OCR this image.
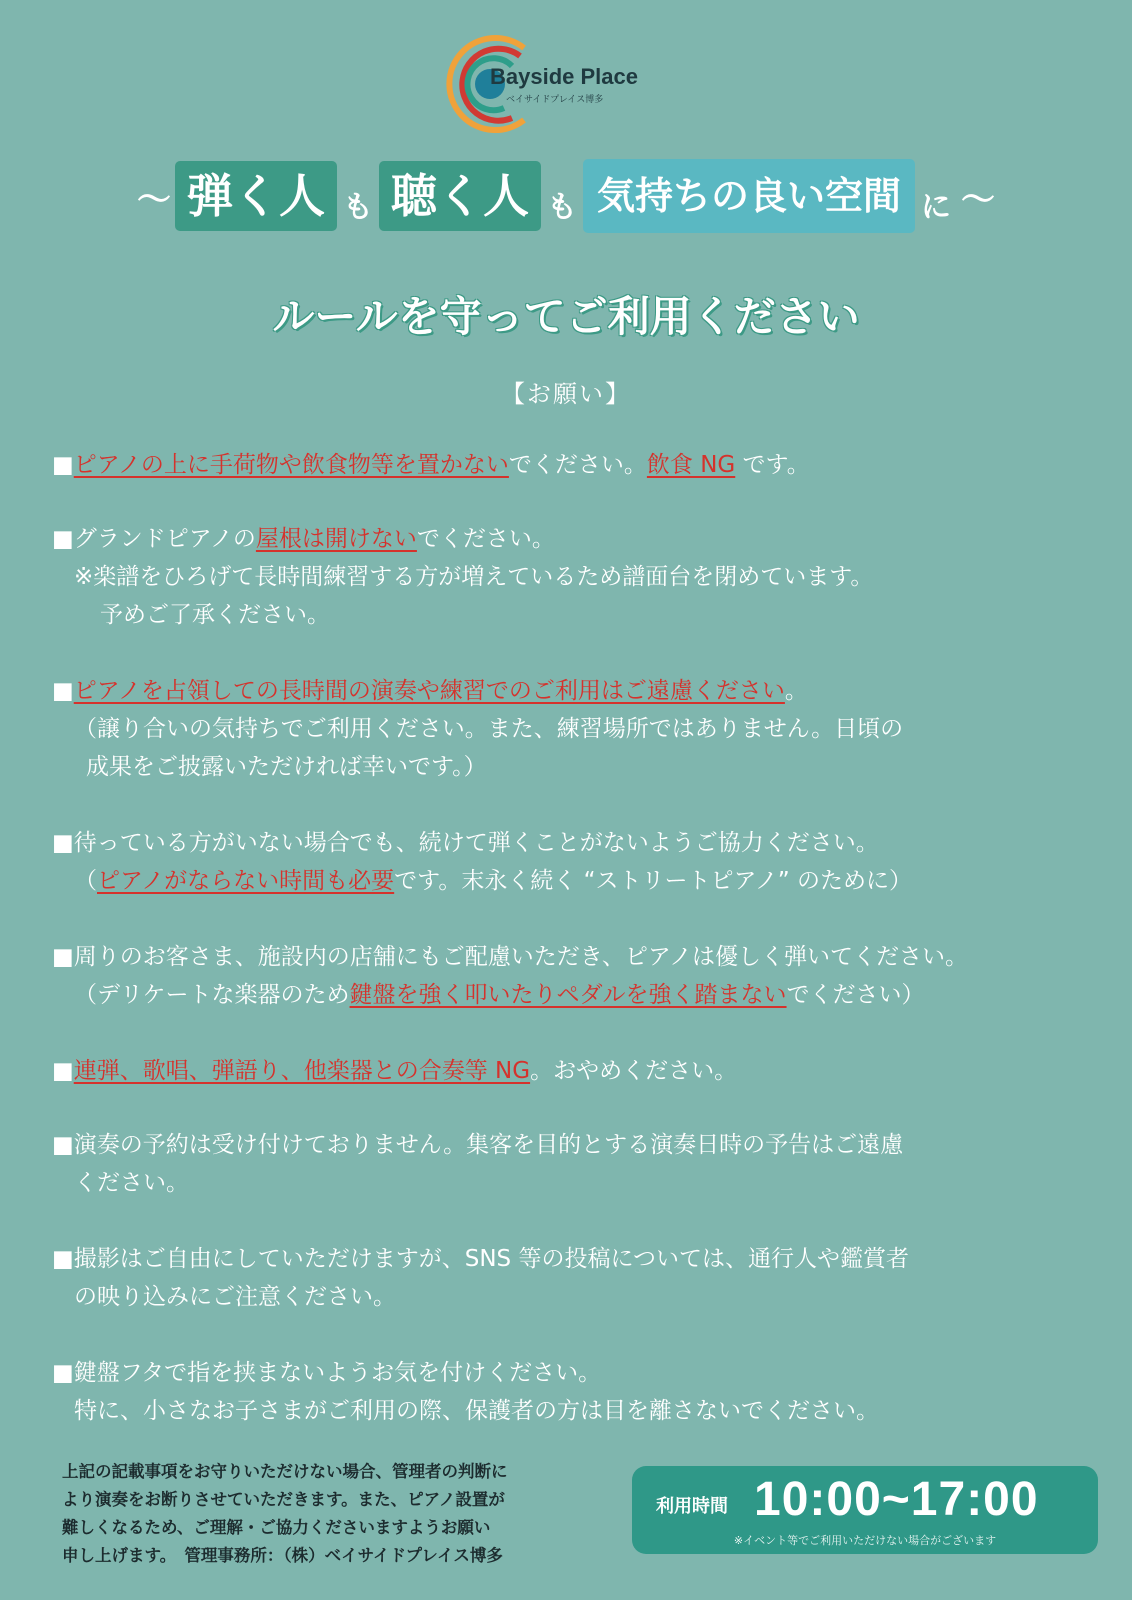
Bayside Place
ベイサイドプレイス博多
〜 弾く人 も 聴く人 も 気持ちの良い空間 に 〜
ルールを守ってご利用ください
【お願い】
■ピアノの上に手荷物や飲食物等を置かないでください。飲食 NG です。
■グランドピアノの屋根は開けないでください。
※楽譜をひろげて長時間練習する方が増えているため譜面台を閉めています。
予めご了承ください。
■ピアノを占領しての長時間の演奏や練習でのご利用はご遠慮ください。
（譲り合いの気持ちでご利用ください。また、練習場所ではありません。日頃の
成果をご披露いただければ幸いです。）
■待っている方がいない場合でも、続けて弾くことがないようご協力ください。
（ピアノがならない時間も必要です。末永く続く “ストリートピアノ” のために）
■周りのお客さま、施設内の店舗にもご配慮いただき、ピアノは優しく弾いてください。
（デリケートな楽器のため鍵盤を強く叩いたりペダルを強く踏まないでください）
■連弾、歌唱、弾語り、他楽器との合奏等 NG。おやめください。
■演奏の予約は受け付けておりません。集客を目的とする演奏日時の予告はご遠慮
ください。
■撮影はご自由にしていただけますが、SNS 等の投稿については、通行人や鑑賞者
の映り込みにご注意ください。
■鍵盤フタで指を挟まないようお気を付けください。
特に、小さなお子さまがご利用の際、保護者の方は目を離さないでください。
上記の記載事項をお守りいただけない場合、管理者の判断に
より演奏をお断りさせていただきます。また、ピアノ設置が
難しくなるため、ご理解・ご協力くださいますようお願い
申し上げます。　管理事務所：（株）ベイサイドプレイス博多
利用時間 10:00~17:00
※イベント等でご利用いただけない場合がございます
